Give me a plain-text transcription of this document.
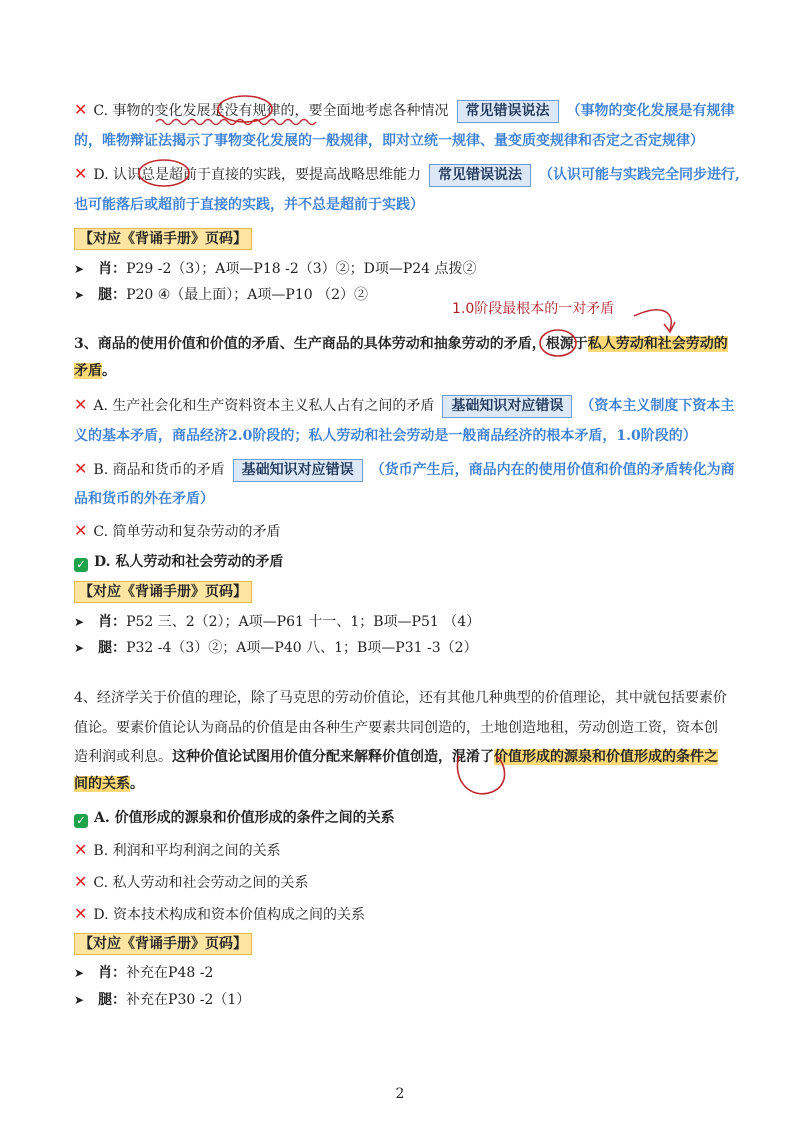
✕ C. 事物的变化发展是没有规律的，要全面地考虑各种情况 常见错误说法 （事物的变化发展是有规律
的，唯物辩证法揭示了事物变化发展的一般规律，即对立统一规律、量变质变规律和否定之否定规律）
✕ D. 认识总是超前于直接的实践，要提高战略思维能力 常见错误说法 （认识可能与实践完全同步进行,
也可能落后或超前于直接的实践，并不总是超前于实践）
【对应《背诵手册》页码】
➤ 肖：P29 -2（3）；A项—P18 -2（3）②；D项—P24 点拨②
➤ 腿：P20 ④（最上面）；A项—P10 （2）②
1.0阶段最根本的一对矛盾
3、商品的使用价值和价值的矛盾、生产商品的具体劳动和抽象劳动的矛盾，根源于私人劳动和社会劳动的
矛盾。
✕ A. 生产社会化和生产资料资本主义私人占有之间的矛盾 基础知识对应错误 （资本主义制度下资本主
义的基本矛盾，商品经济2.0阶段的；私人劳动和社会劳动是一般商品经济的根本矛盾，1.0阶段的）
✕ B. 商品和货币的矛盾 基础知识对应错误 （货币产生后，商品内在的使用价值和价值的矛盾转化为商
品和货币的外在矛盾）
✕ C. 简单劳动和复杂劳动的矛盾
✓ D. 私人劳动和社会劳动的矛盾
【对应《背诵手册》页码】
➤ 肖：P52 三、2（2）；A项—P61 十一、1；B项—P51 （4）
➤ 腿：P32 -4（3）②；A项—P40 八、1；B项—P31 -3（2）
4、经济学关于价值的理论，除了马克思的劳动价值论，还有其他几种典型的价值理论，其中就包括要素价
值论。要素价值论认为商品的价值是由各种生产要素共同创造的，土地创造地租，劳动创造工资，资本创
造利润或利息。这种价值论试图用价值分配来解释价值创造，混淆了价值形成的源泉和价值形成的条件之
间的关系。
✓ A. 价值形成的源泉和价值形成的条件之间的关系
✕ B. 利润和平均利润之间的关系
✕ C. 私人劳动和社会劳动之间的关系
✕ D. 资本技术构成和资本价值构成之间的关系
【对应《背诵手册》页码】
➤ 肖：补充在P48 -2
➤ 腿：补充在P30 -2（1）
2
